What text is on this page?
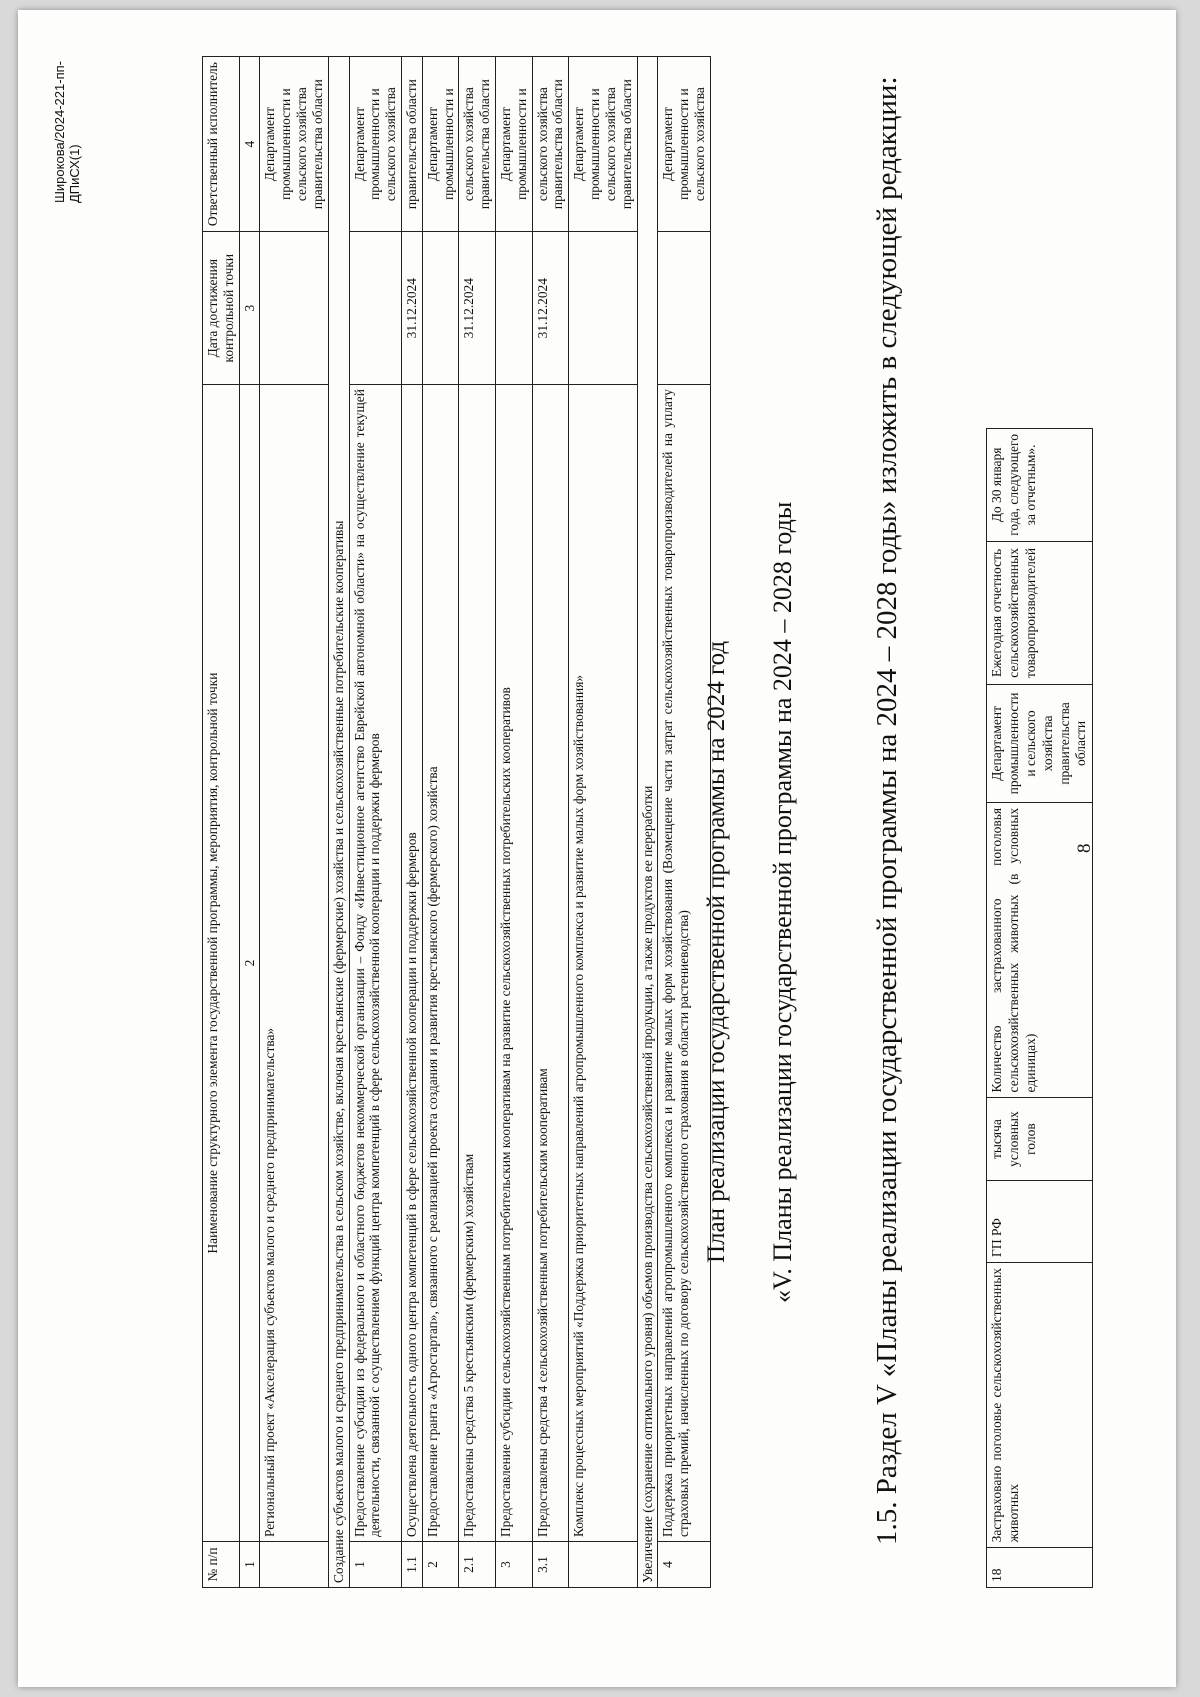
8
Широкова/2024-221-пп-ДПиСХ(1)
18	Застраховано поголовье сельскохозяйственных животных	ГП РФ	тысяча условных голов	Количество застрахованного поголовья сельскохозяйственных животных (в условных единицах)	Департамент промышленности и сельского хозяйства правительства области	Ежегодная отчетность сельскохозяйственных товаропроизводителей	До 30 января года, следующего за отчетным».

1.5. Раздел V «Планы реализации государственной программы на 2024 – 2028 годы» изложить в следующей редакции:

«V. Планы реализации государственной программы на 2024 – 2028 годы
План реализации государственной программы на 2024 год
№ п/п	Наименование структурного элемента государственной программы, мероприятия, контрольной точки	Дата достижения контрольной точки	Ответственный исполнитель
1	2	3	4
	Региональный проект «Акселерация субъектов малого и среднего предпринимательства»		Департамент промышленности и сельского хозяйства правительства области
Создание субъектов малого и среднего предпринимательства в сельском хозяйстве, включая крестьянские (фермерские) хозяйства и сельскохозяйственные потребительские кооперативы			
1	Предоставление субсидии из федерального и областного бюджетов некоммерческой организации – Фонду «Инвестиционное агентство Еврейской автономной области» на осуществление текущей деятельности, связанной с осуществлением функций центра компетенций в сфере сельскохозяйственной кооперации и поддержки фермеров		Департамент промышленности и сельского хозяйства
1.1	Осуществлена деятельность одного центра компетенций в сфере сельскохозяйственной кооперации и поддержки фермеров	31.12.2024	правительства области
2	Предоставление гранта «Агростартап», связанного с реализацией проекта создания и развития крестьянского (фермерского) хозяйства		Департамент промышленности и
2.1	Предоставлены средства 5 крестьянским (фермерским) хозяйствам	31.12.2024	сельского хозяйства правительства области
3	Предоставление субсидии сельскохозяйственным потребительским кооперативам на развитие сельскохозяйственных потребительских кооперативов		Департамент промышленности и
3.1	Предоставлены средства 4 сельскохозяйственным потребительским кооперативам	31.12.2024	сельского хозяйства правительства области
	Комплекс процессных мероприятий «Поддержка приоритетных направлений агропромышленного комплекса и развитие малых форм хозяйствования»		Департамент промышленности и сельского хозяйства правительства области
Увеличение (сохранение оптимального уровня) объемов производства сельскохозяйственной продукции, а также продуктов ее переработки			
4	Поддержка приоритетных направлений агропромышленного комплекса и развитие малых форм хозяйствования (Возмещение части затрат сельскохозяйственных товаропроизводителей на уплату страховых премий, начисленных по договору сельскохозяйственного страхования в области растениеводства)		Департамент промышленности и сельского хозяйства
